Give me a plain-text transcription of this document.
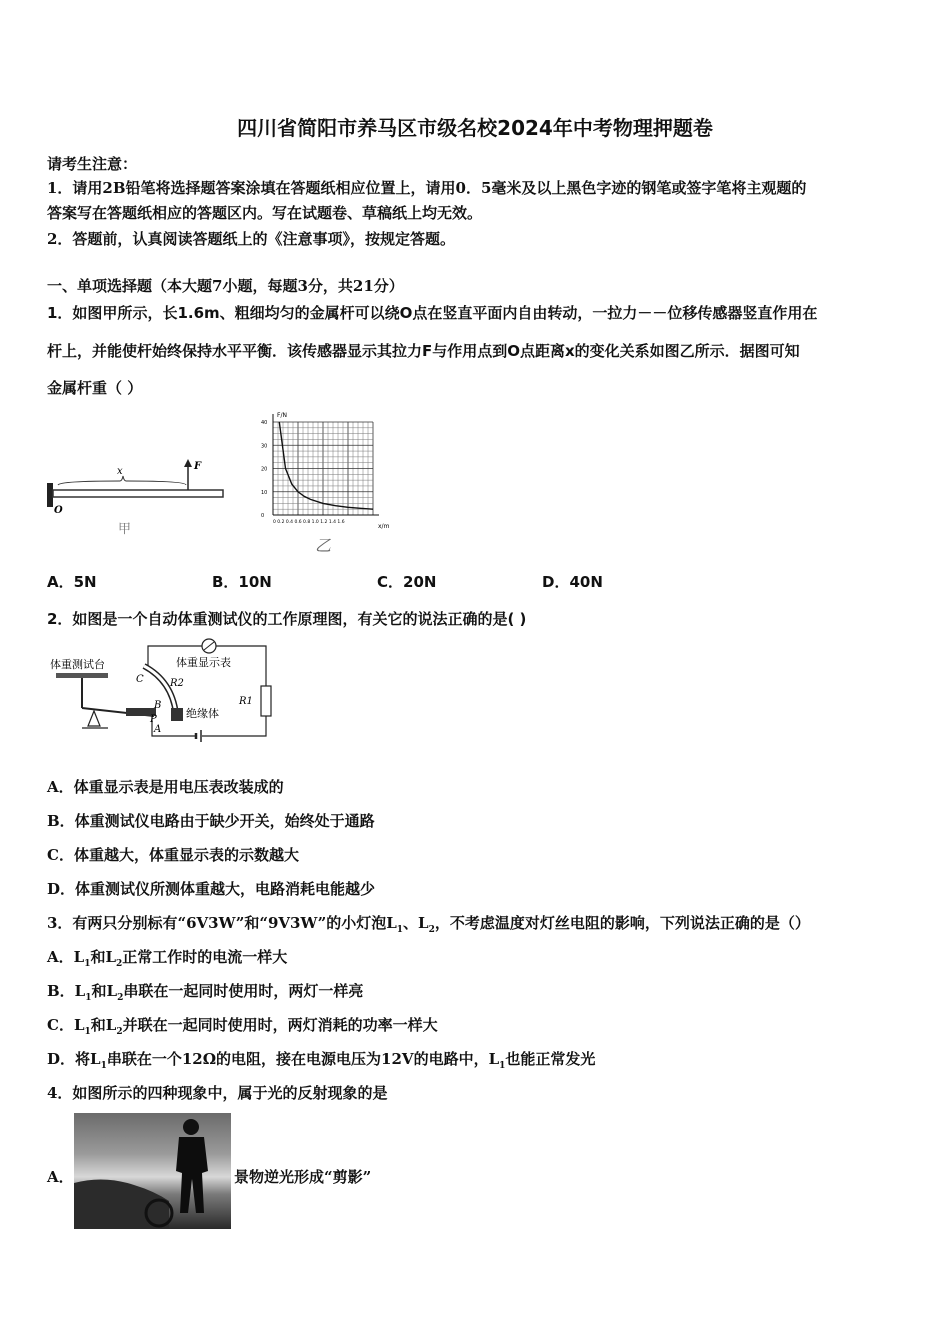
四川省简阳市养马区市级名校2024年中考物理押题卷
请考生注意：
1．请用2B铅笔将选择题答案涂填在答题纸相应位置上，请用0．5毫米及以上黑色字迹的钢笔或签字笔将主观题的
答案写在答题纸相应的答题区内。写在试题卷、草稿纸上均无效。
2．答题前，认真阅读答题纸上的《注意事项》，按规定答题。
一、单项选择题（本大题7小题，每题3分，共21分）
1．如图甲所示，长1.6m、粗细均匀的金属杆可以绕O点在竖直平面内自由转动，一拉力－－位移传感器竖直作用在
杆上，并能使杆始终保持水平平衡．该传感器显示其拉力F与作用点到O点距离x的变化关系如图乙所示．据图可知
金属杆重（ ）
x	F
O
甲
40
30
20
10
0
F/N
x/m
0 0.2 0.4 0.6 0.8 1.0 1.2 1.4 1.6
乙
A．5N	B．10N	C．20N	D．40N
2．如图是一个自动体重测试仪的工作原理图，有关它的说法正确的是( )
体重测试台	体重显示表
C	R2
B
P
A
绝缘体
R1
A．体重显示表是用电压表改装成的
B．体重测试仪电路由于缺少开关，始终处于通路
C．体重越大，体重显示表的示数越大
D．体重测试仪所测体重越大，电路消耗电能越少
3．有两只分别标有“6V3W”和“9V3W”的小灯泡$L_1$、$L_2$，不考虑温度对灯丝电阻的影响，下列说法正确的是（）
A．$L_1$和$L_2$正常工作时的电流一样大
B．$L_1$和$L_2$串联在一起同时使用时，两灯一样亮
C．$L_1$和$L_2$并联在一起同时使用时，两灯消耗的功率一样大
D．将$L_1$串联在一个12Ω的电阻，接在电源电压为12V的电路中，$L_1$也能正常发光
4．如图所示的四种现象中，属于光的反射现象的是
A．	景物逆光形成“剪影”
